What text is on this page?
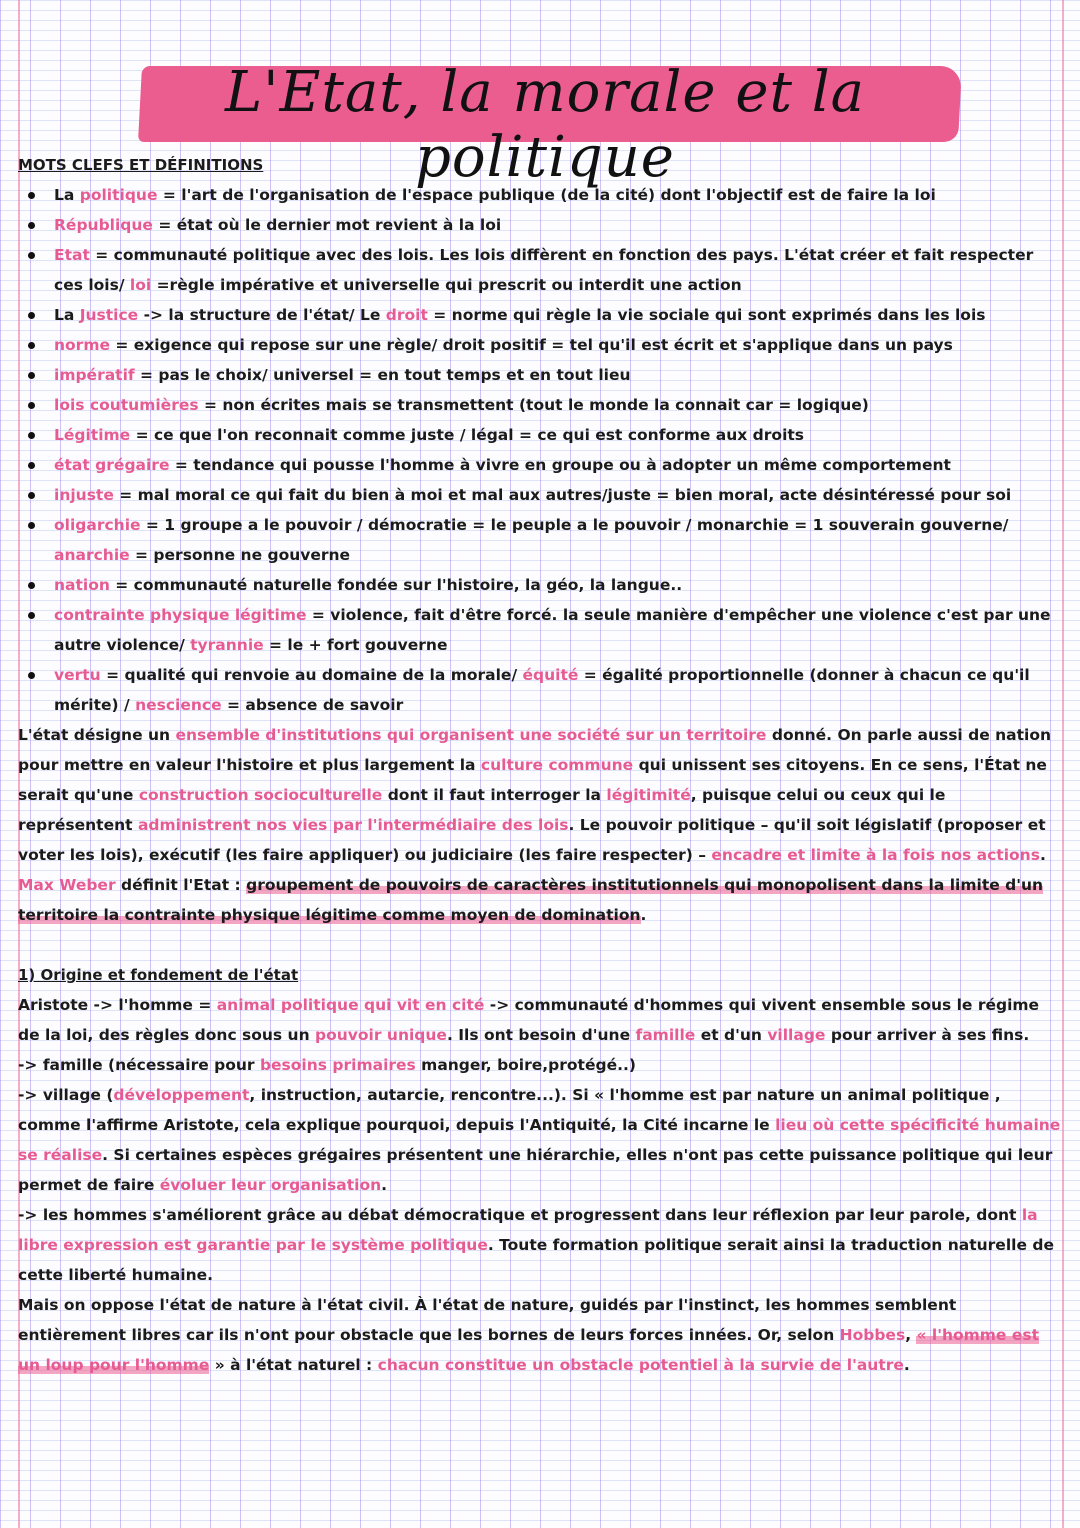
L'Etat, la morale et la politique
MOTS CLEFS ET DÉFINITIONS
La politique = l'art de l'organisation de l'espace publique (de la cité) dont l'objectif est de faire la loi
République = état où le dernier mot revient à la loi
Etat = communauté politique avec des lois. Les lois diffèrent en fonction des pays. L'état créer et fait respecter ces lois/ loi =règle impérative et universelle qui prescrit ou interdit une action
La Justice -> la structure de l'état/ Le droit = norme qui règle la vie sociale qui sont exprimés dans les lois
norme = exigence qui repose sur une règle/ droit positif = tel qu'il est écrit et s'applique dans un pays
impératif = pas le choix/ universel = en tout temps et en tout lieu
lois coutumières = non écrites mais se transmettent (tout le monde la connait car = logique)
Légitime = ce que l'on reconnait comme juste / légal = ce qui est conforme aux droits
état grégaire = tendance qui pousse l'homme à vivre en groupe ou à adopter un même comportement
injuste = mal moral ce qui fait du bien à moi et mal aux autres/juste = bien moral, acte désintéressé pour soi
oligarchie = 1 groupe a le pouvoir / démocratie = le peuple a le pouvoir / monarchie = 1 souverain gouverne/ anarchie = personne ne gouverne
nation = communauté naturelle fondée sur l'histoire, la géo, la langue..
contrainte physique légitime = violence, fait d'être forcé. la seule manière d'empêcher une violence c'est par une autre violence/ tyrannie = le + fort gouverne
vertu = qualité qui renvoie au domaine de la morale/ équité = égalité proportionnelle (donner à chacun ce qu'il mérite) / nescience = absence de savoir

L'état désigne un ensemble d'institutions qui organisent une société sur un territoire donné. On parle aussi de nation pour mettre en valeur l'histoire et plus largement la culture commune qui unissent ses citoyens. En ce sens, l'État ne serait qu'une construction socioculturelle dont il faut interroger la légitimité, puisque celui ou ceux qui le représentent administrent nos vies par l'intermédiaire des lois. Le pouvoir politique – qu'il soit législatif (proposer et voter les lois), exécutif (les faire appliquer) ou judiciaire (les faire respecter) – encadre et limite à la fois nos actions.

Max Weber définit l'Etat : groupement de pouvoirs de caractères institutionnels qui monopolisent dans la limite d'un territoire la contrainte physique légitime comme moyen de domination.

1) Origine et fondement de l'état

Aristote -> l'homme = animal politique qui vit en cité -> communauté d'hommes qui vivent ensemble sous le régime de la loi, des règles donc sous un pouvoir unique. Ils ont besoin d'une famille et d'un village pour arriver à ses fins.

-> famille (nécessaire pour besoins primaires manger, boire,protégé..)

-> village (développement, instruction, autarcie, rencontre...). Si « l'homme est par nature un animal politique , comme l'affirme Aristote, cela explique pourquoi, depuis l'Antiquité, la Cité incarne le lieu où cette spécificité humaine se réalise. Si certaines espèces grégaires présentent une hiérarchie, elles n'ont pas cette puissance politique qui leur permet de faire évoluer leur organisation.

-> les hommes s'améliorent grâce au débat démocratique et progressent dans leur réflexion par leur parole, dont la libre expression est garantie par le système politique. Toute formation politique serait ainsi la traduction naturelle de cette liberté humaine.

Mais on oppose l'état de nature à l'état civil. À l'état de nature, guidés par l'instinct, les hommes semblent entièrement libres car ils n'ont pour obstacle que les bornes de leurs forces innées. Or, selon Hobbes, « l'homme est un loup pour l'homme » à l'état naturel : chacun constitue un obstacle potentiel à la survie de l'autre.
